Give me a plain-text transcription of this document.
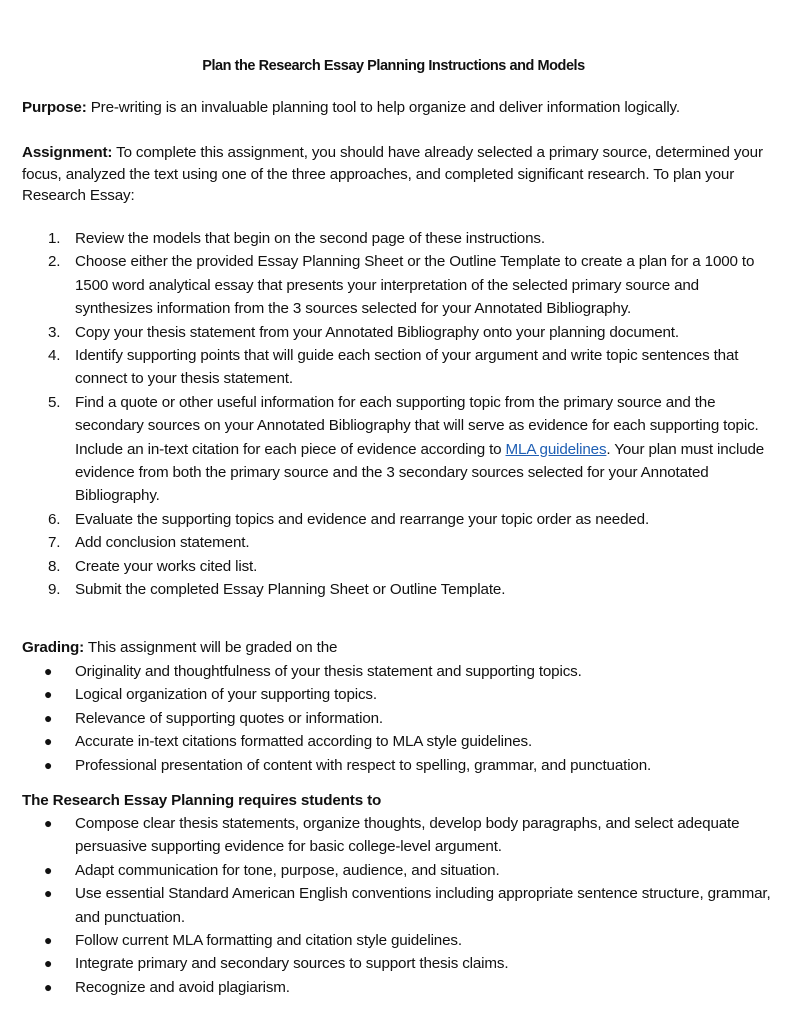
Plan the Research Essay Planning Instructions and Models
Purpose: Pre-writing is an invaluable planning tool to help organize and deliver information logically.
Assignment: To complete this assignment, you should have already selected a primary source, determined your focus, analyzed the text using one of the three approaches, and completed significant research. To plan your Research Essay:
1. Review the models that begin on the second page of these instructions.
2. Choose either the provided Essay Planning Sheet or the Outline Template to create a plan for a 1000 to 1500 word analytical essay that presents your interpretation of the selected primary source and synthesizes information from the 3 sources selected for your Annotated Bibliography.
3. Copy your thesis statement from your Annotated Bibliography onto your planning document.
4. Identify supporting points that will guide each section of your argument and write topic sentences that connect to your thesis statement.
5. Find a quote or other useful information for each supporting topic from the primary source and the secondary sources on your Annotated Bibliography that will serve as evidence for each supporting topic. Include an in-text citation for each piece of evidence according to MLA guidelines. Your plan must include evidence from both the primary source and the 3 secondary sources selected for your Annotated Bibliography.
6. Evaluate the supporting topics and evidence and rearrange your topic order as needed.
7. Add conclusion statement.
8. Create your works cited list.
9. Submit the completed Essay Planning Sheet or Outline Template.
Grading: This assignment will be graded on the
● Originality and thoughtfulness of your thesis statement and supporting topics.
● Logical organization of your supporting topics.
● Relevance of supporting quotes or information.
● Accurate in-text citations formatted according to MLA style guidelines.
● Professional presentation of content with respect to spelling, grammar, and punctuation.
The Research Essay Planning requires students to
● Compose clear thesis statements, organize thoughts, develop body paragraphs, and select adequate persuasive supporting evidence for basic college-level argument.
● Adapt communication for tone, purpose, audience, and situation.
● Use essential Standard American English conventions including appropriate sentence structure, grammar, and punctuation.
● Follow current MLA formatting and citation style guidelines.
● Integrate primary and secondary sources to support thesis claims.
● Recognize and avoid plagiarism.
